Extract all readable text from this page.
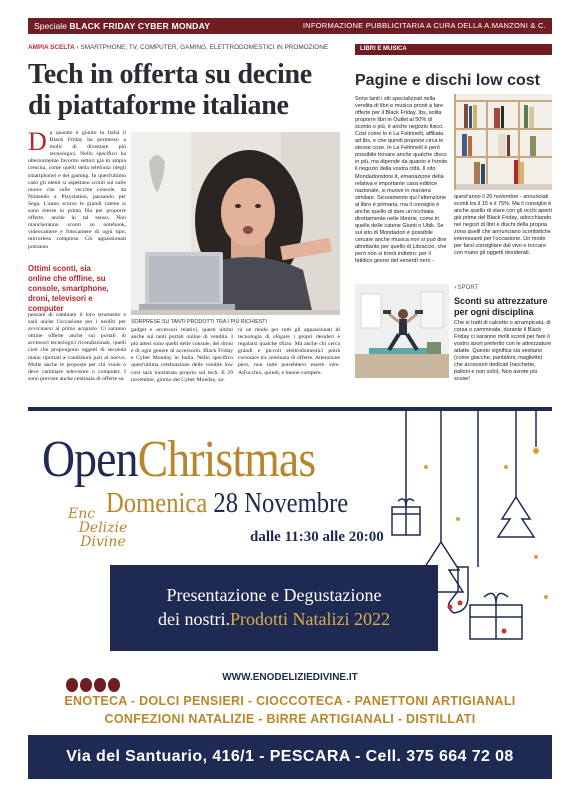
Speciale BLACK FRIDAY CYBER MONDAY	INFORMAZIONE PUBBLICITARIA A CURA DELLA A.MANZONI & C.
AMPIA SCELTA › SMARTPHONE, TV, COMPUTER, GAMING, ELETTRODOMESTICI IN PROMOZIONE
Tech in offerta su decine di piattaforme italiane
Da quando è giunto in Italia il Black Friday ha permesso a molti di diventare più tecnologici. Nello specifico ha ulteriormente favorito settori già in ampia crescita, come quelli della telefonia (degli smartphone) e del gaming. In quest'ultimo caso gli utenti si aspettano sconti sui sulle nuove che sulle vecchie console, da Nintendo a Playstation, passando per Sega. L'anno scorso le grandi catene si sono messe in prima fila per proporre offerte, anche in tal senso. Non mancheranno sconti su notebook, videocamere e fotocamere di ogni tipo, mirrorless comprese. Gli appassionati potranno
Ottimi sconti, sia online che offline, su console, smartphone, droni, televisori e computer
pensare di cambiare il loro strumento e sarà anche l'occasione per i neofiti per avvicinarsi al primo acquisto. Ci saranno ottime offerte anche sui portali di accessori tecnologici ricondizionati, quelli cioè che propongono oggetti di seconda mano riportati a condizioni pari al nuovo. Molte anche le proposte per chi vuole o deve cambiare televisore o computer. I sono previste anche centinaia di offerte su
SORPRESE SU TANTI PRODOTTI TRA I PIÙ RICHIESTI
gadget e accessori relativi, questi ultimi anche sui tanti portali online di vendita. I più attesi sono quelli delle console, dei droni e di ogni genere di accessorio. Black Friday e Cyber Monday in Italia. Nello specifico quest'ultima celebrazione delle vendite low cost sarà incentrata proprio sul tech. Il 29 novembre, giorno del Cyber Monday, sa-
rà un modo per tutti gli appassionati di tecnologia di sfogare i propri desideri e regalarsi qualche sfizio. Ma anche chi cerca grandi e piccoli elettrodomestici potrà curiosare tra centinaia di offerte. Attenzione però, non tutte potrebbero essere vere. All'occhio, quindi, e buone compere.
LIBRI E MUSICA
Pagine e dischi low cost
Sono tanti i siti specializzati nella vendita di libri e musica pronti a fare offerte per il Black Friday. Ibs, solita proporre libri in Outlet al 50% di sconto o più, è anche negozio fisico. Così come lo è La Feltrinelli, affiliata ad Ibs, e che quindi propone circa le stesse cose. In La Feltrinelli è però possibile trovare anche qualche disco in più, ma dipende da quanto è fornito il negozio della vostra città. Il sito Mondadoristore.it, emanazione della relativa e importante casa editrice nazionale, si muove in maniera similare. Sicuramente qui l'attenzione al libro è primaria, ma il consiglio è anche quello di dare un'occhiata direttamente nelle librerie, come in quelle delle catene Giunti o Ubik. Se sul sito di Mondadori è possibile cercare anche musica non si può dire altrettanto per quello di Libraccio, che però non si tirerà indietro: per il fatidico giorno del venerdì nero -
quest'anno il 26 novembre - annunciati sconti tra il 15 e il 75%. Ma il consiglio è anche quello di stare con gli occhi aperti già prima del Black Friday, adocchiando nei negozi di libri e dischi della propria zona quelli che annunciano scontistiche interessanti per l'occasione. Un modo per farsi consigliare dal vivo e toccare con mano gli oggetti desiderati.
› SPORT
Sconti su attrezzature per ogni disciplina
Che si tratti di calcetto o arrampicata, di corsa o camminata, durante il Black Friday ci saranno molti sconti per fare il vostro sport preferito con le attrezzature adatte. Questo significa sia vestiario (come giacche, pantaloni, magliette) che accessori dedicati (racchette, palloni e non solo). Non avrete più scuse!
OpenChristmas
Domenica 28 Novembre
dalle 11:30 alle 20:00
Enc
Delizie
Divine
Presentazione e Degustazione
dei nostri.Prodotti Natalizi 2022
WWW.ENODELIZIEDIVINE.IT
ENOTECA - DOLCI PENSIERI - CIOCCOTECA - PANETTONI ARTIGIANALI
CONFEZIONI NATALIZIE - BIRRE ARTIGIANALI - DISTILLATI
Via del Santuario, 416/1 - PESCARA - Cell. 375 664 72 08
